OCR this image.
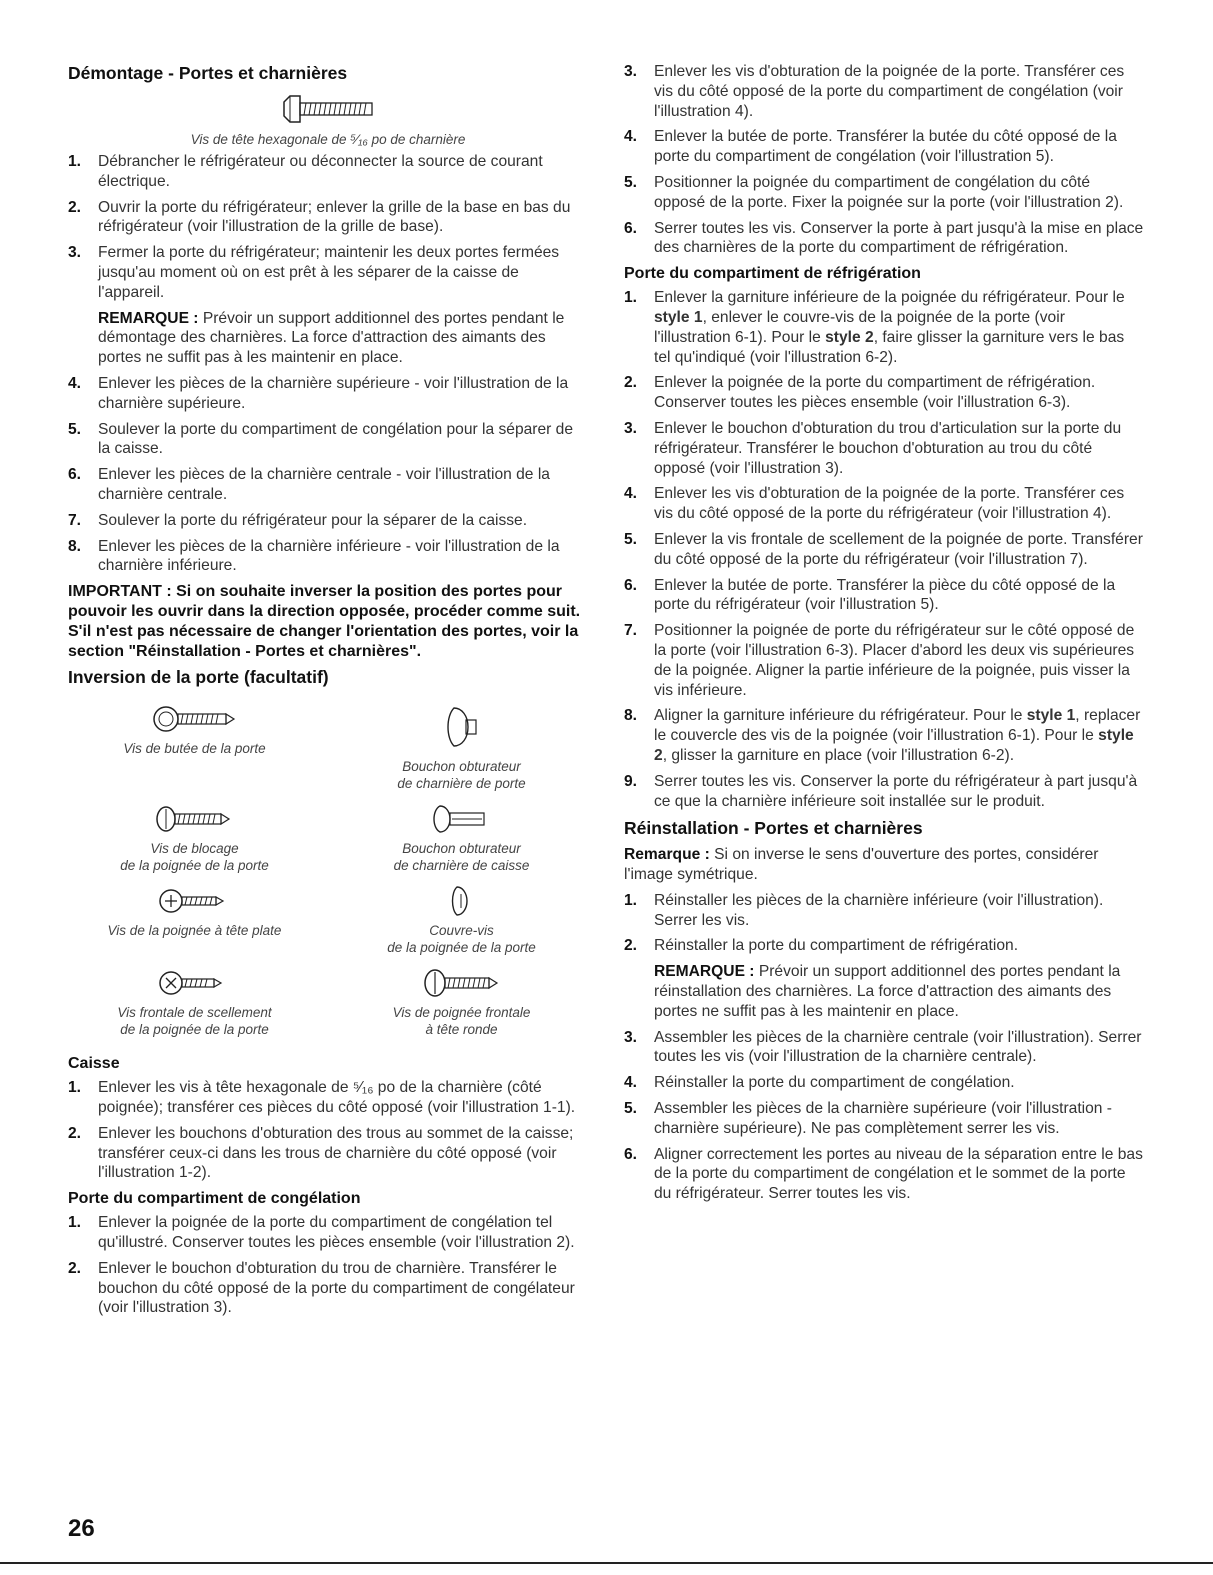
Démontage - Portes et charnières
Vis de tête hexagonale de ⁵⁄₁₆ po de charnière
1. Débrancher le réfrigérateur ou déconnecter la source de courant électrique.
2. Ouvrir la porte du réfrigérateur; enlever la grille de la base en bas du réfrigérateur (voir l'illustration de la grille de base).
3. Fermer la porte du réfrigérateur; maintenir les deux portes fermées jusqu'au moment où on est prêt à les séparer de la caisse de l'appareil.
REMARQUE : Prévoir un support additionnel des portes pendant le démontage des charnières. La force d'attraction des aimants des portes ne suffit pas à les maintenir en place.
4. Enlever les pièces de la charnière supérieure - voir l'illustration de la charnière supérieure.
5. Soulever la porte du compartiment de congélation pour la séparer de la caisse.
6. Enlever les pièces de la charnière centrale - voir l'illustration de la charnière centrale.
7. Soulever la porte du réfrigérateur pour la séparer de la caisse.
8. Enlever les pièces de la charnière inférieure - voir l'illustration de la charnière inférieure.
IMPORTANT : Si on souhaite inverser la position des portes pour pouvoir les ouvrir dans la direction opposée, procéder comme suit. S'il n'est pas nécessaire de changer l'orientation des portes, voir la section "Réinstallation - Portes et charnières".
Inversion de la porte (facultatif)
Vis de butée de la porte
Bouchon obturateur
de charnière de porte
Vis de blocage
de la poignée de la porte
Bouchon obturateur
de charnière de caisse
Vis de la poignée à tête plate	Couvre-vis
de la poignée de la porte
Vis frontale de scellement
de la poignée de la porte
Vis de poignée frontale
à tête ronde
Caisse
1. Enlever les vis à tête hexagonale de ⁵⁄₁₆ po de la charnière (côté poignée); transférer ces pièces du côté opposé (voir l'illustration 1-1).
2. Enlever les bouchons d'obturation des trous au sommet de la caisse; transférer ceux-ci dans les trous de charnière du côté opposé (voir l'illustration 1-2).
Porte du compartiment de congélation
1. Enlever la poignée de la porte du compartiment de congélation tel qu'illustré. Conserver toutes les pièces ensemble (voir l'illustration 2).
2. Enlever le bouchon d'obturation du trou de charnière. Transférer le bouchon du côté opposé de la porte du compartiment de congélateur (voir l'illustration 3).
3. Enlever les vis d'obturation de la poignée de la porte. Transférer ces vis du côté opposé de la porte du compartiment de congélation (voir l'illustration 4).
4. Enlever la butée de porte. Transférer la butée du côté opposé de la porte du compartiment de congélation (voir l'illustration 5).
5. Positionner la poignée du compartiment de congélation du côté opposé de la porte. Fixer la poignée sur la porte (voir l'illustration 2).
6. Serrer toutes les vis. Conserver la porte à part jusqu'à la mise en place des charnières de la porte du compartiment de réfrigération.
Porte du compartiment de réfrigération
1. Enlever la garniture inférieure de la poignée du réfrigérateur. Pour le style 1, enlever le couvre-vis de la poignée de la porte (voir l'illustration 6-1). Pour le style 2, faire glisser la garniture vers le bas tel qu'indiqué (voir l'illustration 6-2).
2. Enlever la poignée de la porte du compartiment de réfrigération. Conserver toutes les pièces ensemble (voir l'illustration 6-3).
3. Enlever le bouchon d'obturation du trou d'articulation sur la porte du réfrigérateur. Transférer le bouchon d'obturation au trou du côté opposé (voir l'illustration 3).
4. Enlever les vis d'obturation de la poignée de la porte. Transférer ces vis du côté opposé de la porte du réfrigérateur (voir l'illustration 4).
5. Enlever la vis frontale de scellement de la poignée de porte. Transférer du côté opposé de la porte du réfrigérateur (voir l'illustration 7).
6. Enlever la butée de porte. Transférer la pièce du côté opposé de la porte du réfrigérateur (voir l'illustration 5).
7. Positionner la poignée de porte du réfrigérateur sur le côté opposé de la porte (voir l'illustration 6-3). Placer d'abord les deux vis supérieures de la poignée. Aligner la partie inférieure de la poignée, puis visser la vis inférieure.
8. Aligner la garniture inférieure du réfrigérateur. Pour le style 1, replacer le couvercle des vis de la poignée (voir l'illustration 6-1). Pour le style 2, glisser la garniture en place (voir l'illustration 6-2).
9. Serrer toutes les vis. Conserver la porte du réfrigérateur à part jusqu'à ce que la charnière inférieure soit installée sur le produit.
Réinstallation - Portes et charnières

Remarque : Si on inverse le sens d'ouverture des portes, considérer l'image symétrique.

1. Réinstaller les pièces de la charnière inférieure (voir l'illustration). Serrer les vis.
2. Réinstaller la porte du compartiment de réfrigération.
REMARQUE : Prévoir un support additionnel des portes pendant la réinstallation des charnières. La force d'attraction des aimants des portes ne suffit pas à les maintenir en place.
3. Assembler les pièces de la charnière centrale (voir l'illustration). Serrer toutes les vis (voir l'illustration de la charnière centrale).
4. Réinstaller la porte du compartiment de congélation.
5. Assembler les pièces de la charnière supérieure (voir l'illustration - charnière supérieure). Ne pas complètement serrer les vis.
6. Aligner correctement les portes au niveau de la séparation entre le bas de la porte du compartiment de congélation et le sommet de la porte du réfrigérateur. Serrer toutes les vis.
26
